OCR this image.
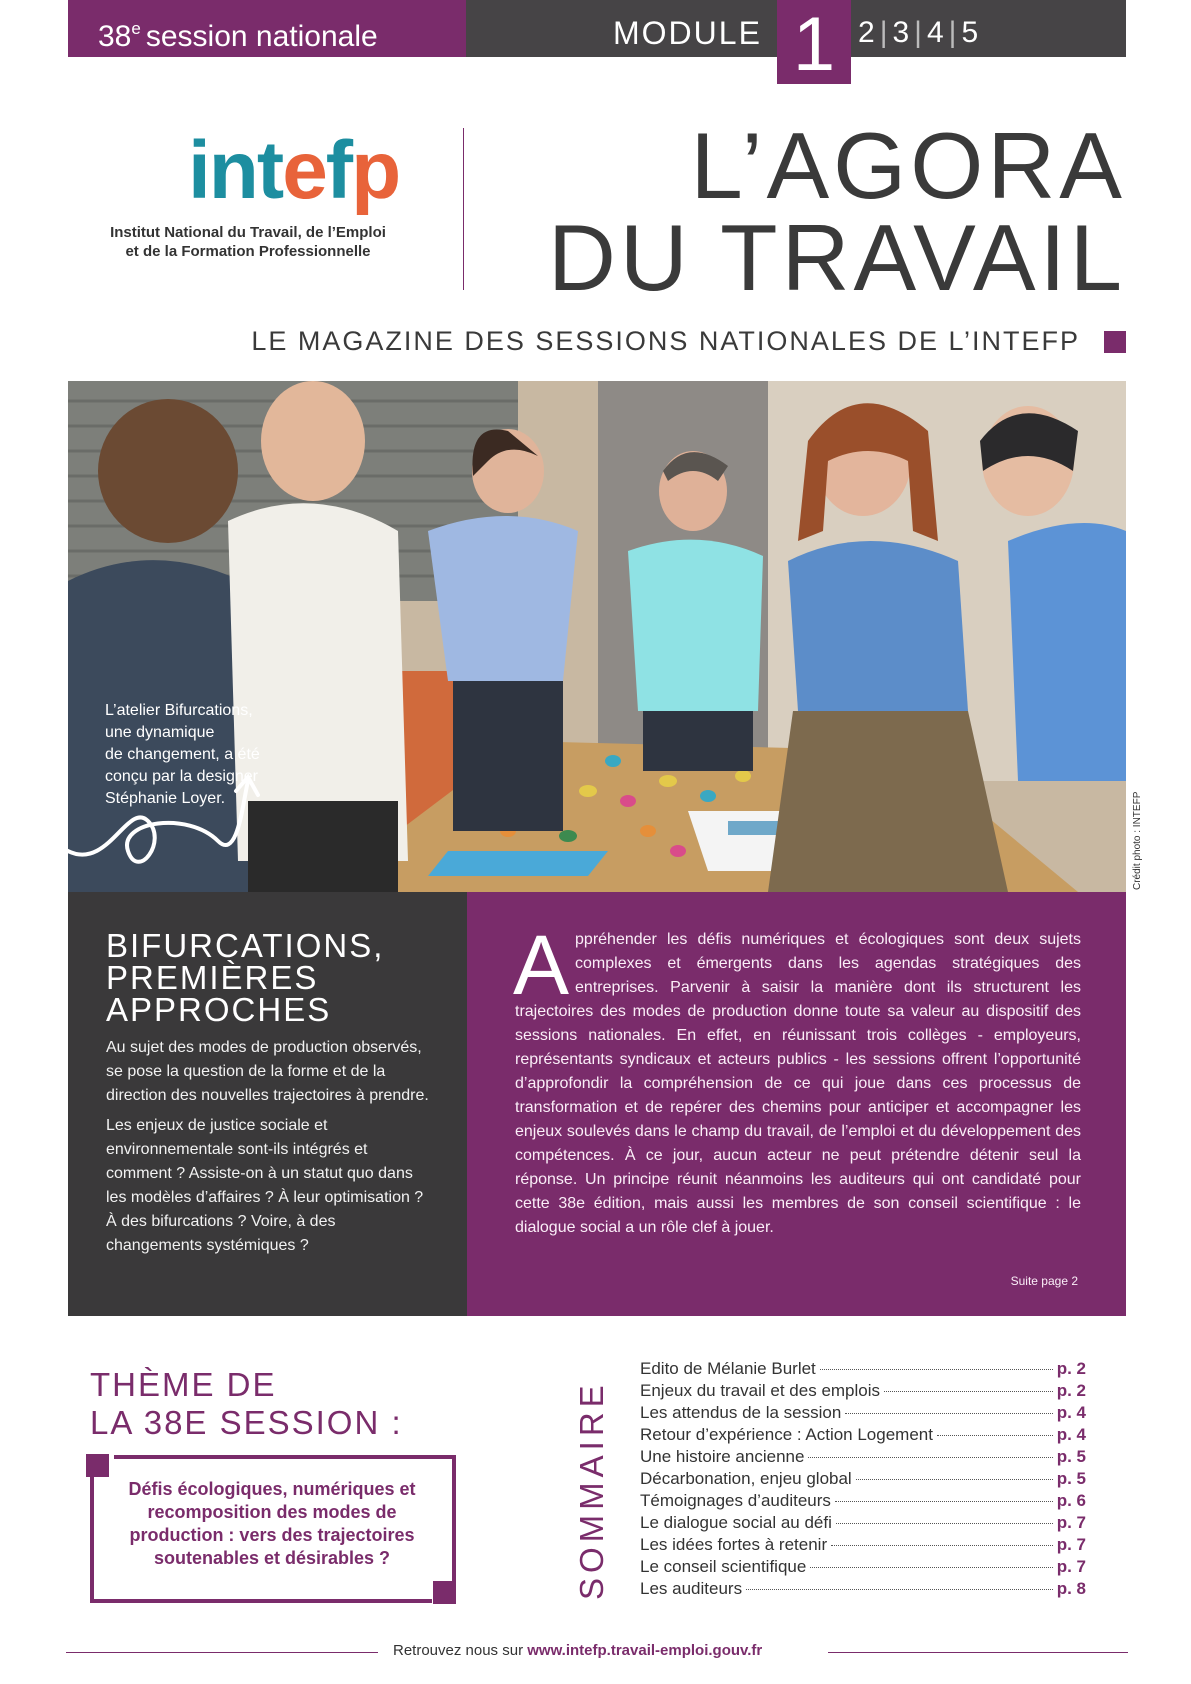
38e session nationale	MODULE 1 2 | 3 | 4 | 5
intefp
Institut National du Travail, de l’Emploi
et de la Formation Professionnelle
L’AGORA
DU TRAVAIL
LE MAGAZINE DES SESSIONS NATIONALES DE L’INTEFP
L’atelier Bifurcations,
une dynamique
de changement, a été
conçu par la designer
Stéphanie Loyer.	Crédit photo : INTEFP
BIFURCATIONS,
PREMIÈRES
APPROCHES

Au sujet des modes de production observés, se pose la question de la forme et de la direction des nouvelles trajectoires à prendre.

Les enjeux de justice sociale et environnementale sont-ils intégrés et comment ? Assiste-on à un statut quo dans les modèles d’affaires ? À leur optimisation ? À des bifurcations ? Voire, à des changements systémiques ?

Appréhender les défis numériques et écologiques sont deux sujets complexes et émergents dans les agendas stratégiques des entreprises. Parvenir à saisir la manière dont ils structurent les trajectoires des modes de production donne toute sa valeur au dispositif des sessions nationales. En effet, en réunissant trois collèges - employeurs, représentants syndicaux et acteurs publics - les sessions offrent l’opportunité d’approfondir la compréhension de ce qui joue dans ces processus de transformation et de repérer des chemins pour anticiper et accompagner les enjeux soulevés dans le champ du travail, de l’emploi et du développement des compétences. À ce jour, aucun acteur ne peut prétendre détenir seul la réponse. Un principe réunit néanmoins les auditeurs qui ont candidaté pour cette 38e édition, mais aussi les membres de son conseil scientifique : le dialogue social a un rôle clef à jouer.

Suite page 2
THÈME DE
LA 38E SESSION :
Défis écologiques, numériques et recomposition des modes de production : vers des trajectoires soutenables et désirables ?	SOMMAIRE
Edito de Mélanie Burlet	p. 2
Enjeux du travail et des emplois	p. 2
Les attendus de la session	p. 4
Retour d’expérience : Action Logement	p. 4
Une histoire ancienne	p. 5
Décarbonation, enjeu global	p. 5
Témoignages d’auditeurs	p. 6
Le dialogue social au défi	p. 7
Les idées fortes à retenir	p. 7
Le conseil scientifique	p. 7
Les auditeurs	p. 8
Retrouvez nous sur www.intefp.travail-emploi.gouv.fr
